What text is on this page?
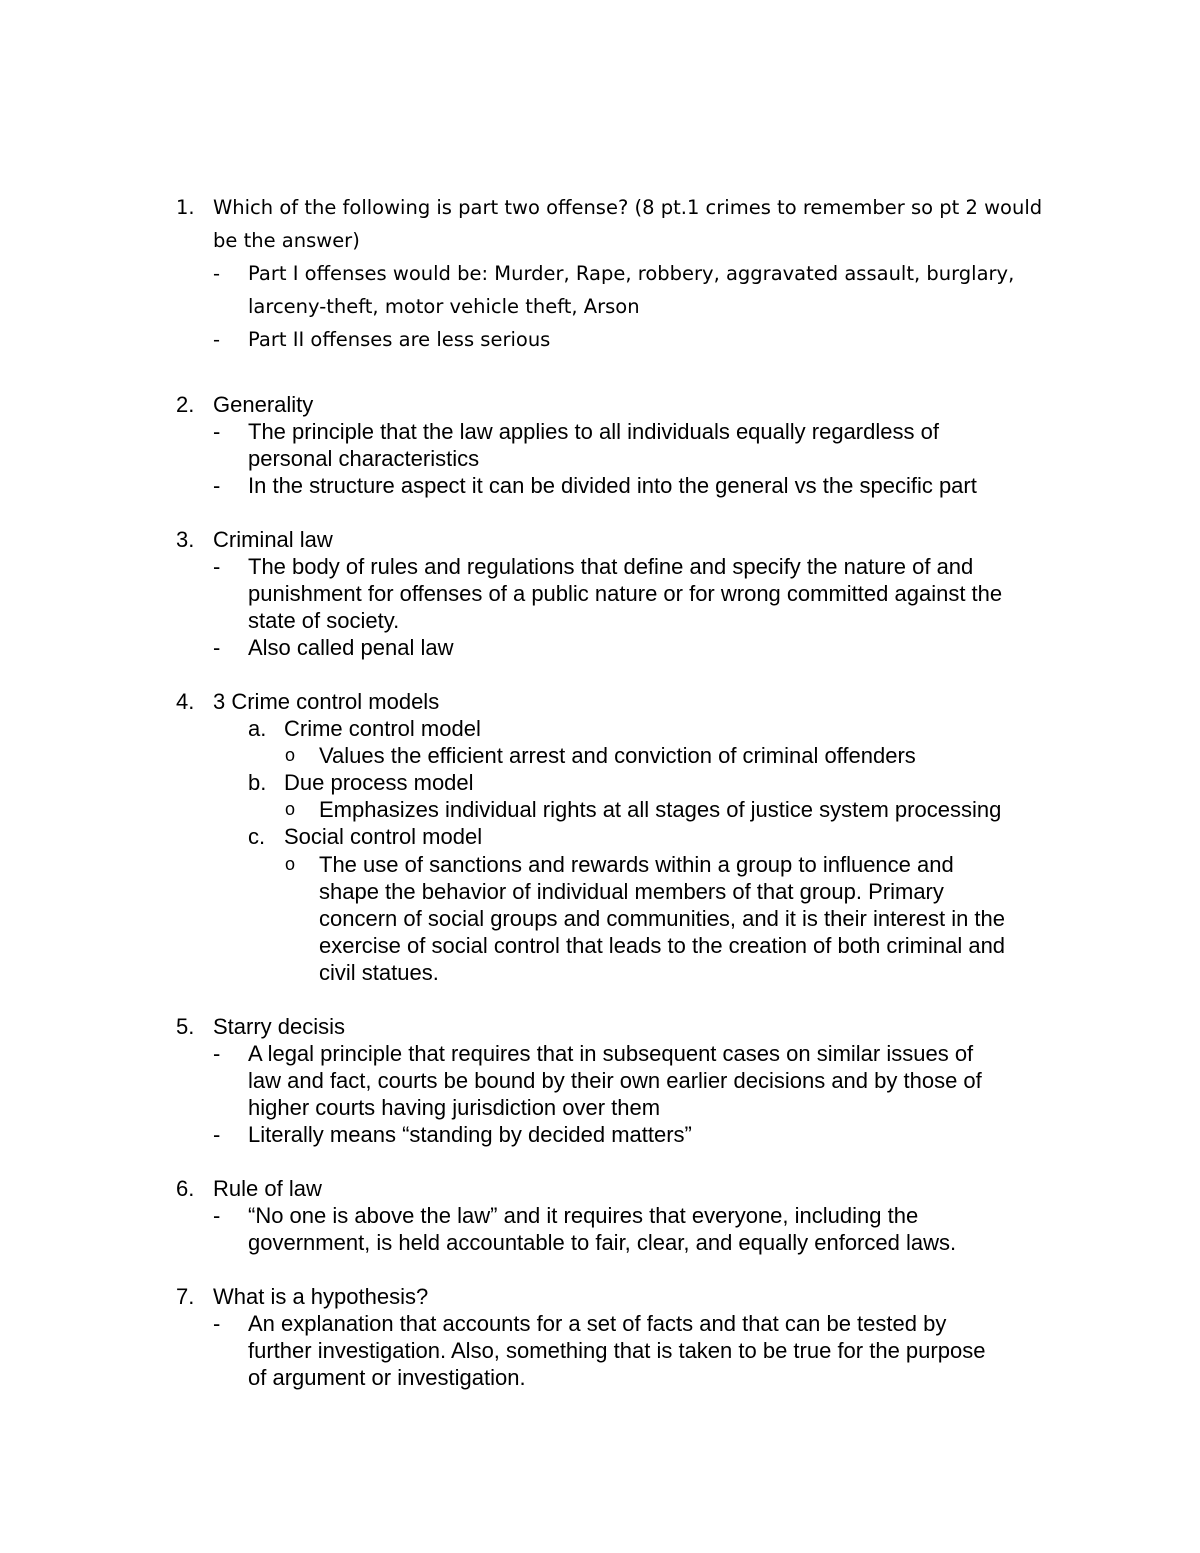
1. Which of the following is part two offense? (8 pt.1 crimes to remember so pt 2 would
be the answer)
- Part I offenses would be: Murder, Rape, robbery, aggravated assault, burglary,
larceny-theft, motor vehicle theft, Arson
- Part II offenses are less serious
2. Generality
- The principle that the law applies to all individuals equally regardless of
personal characteristics
- In the structure aspect it can be divided into the general vs the specific part
3. Criminal law
- The body of rules and regulations that define and specify the nature of and
punishment for offenses of a public nature or for wrong committed against the
state of society.
- Also called penal law
4. 3 Crime control models
a. Crime control model
o Values the efficient arrest and conviction of criminal offenders
b. Due process model
o Emphasizes individual rights at all stages of justice system processing
c. Social control model
o The use of sanctions and rewards within a group to influence and
shape the behavior of individual members of that group. Primary
concern of social groups and communities, and it is their interest in the
exercise of social control that leads to the creation of both criminal and
civil statues.
5. Starry decisis
- A legal principle that requires that in subsequent cases on similar issues of
law and fact, courts be bound by their own earlier decisions and by those of
higher courts having jurisdiction over them
- Literally means “standing by decided matters”
6. Rule of law
- “No one is above the law” and it requires that everyone, including the
government, is held accountable to fair, clear, and equally enforced laws.
7. What is a hypothesis?
- An explanation that accounts for a set of facts and that can be tested by
further investigation. Also, something that is taken to be true for the purpose
of argument or investigation.
